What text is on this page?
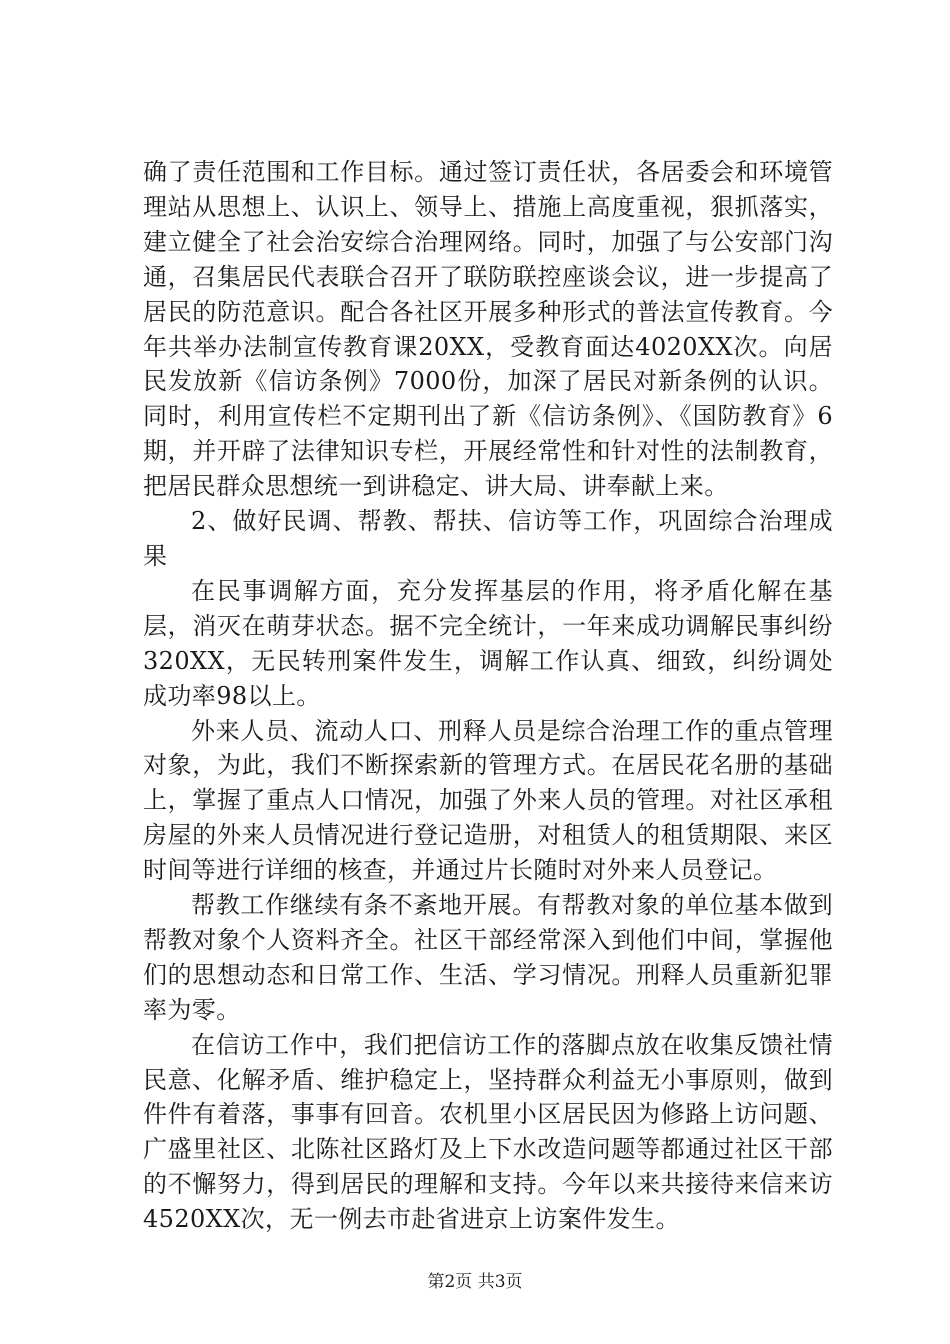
确了责任范围和工作目标。通过签订责任状，各居委会和环境管理站从思想上、认识上、领导上、措施上高度重视，狠抓落实，建立健全了社会治安综合治理网络。同时，加强了与公安部门沟通，召集居民代表联合召开了联防联控座谈会议，进一步提高了居民的防范意识。配合各社区开展多种形式的普法宣传教育。今年共举办法制宣传教育课20XX，受教育面达4020XX次。向居民发放新《信访条例》7000份，加深了居民对新条例的认识。同时，利用宣传栏不定期刊出了新《信访条例》、《国防教育》6期，并开辟了法律知识专栏，开展经常性和针对性的法制教育，把居民群众思想统一到讲稳定、讲大局、讲奉献上来。

2、做好民调、帮教、帮扶、信访等工作，巩固综合治理成果

在民事调解方面，充分发挥基层的作用，将矛盾化解在基层，消灭在萌芽状态。据不完全统计，一年来成功调解民事纠纷320XX，无民转刑案件发生，调解工作认真、细致，纠纷调处成功率98以上。

外来人员、流动人口、刑释人员是综合治理工作的重点管理对象，为此，我们不断探索新的管理方式。在居民花名册的基础上，掌握了重点人口情况，加强了外来人员的管理。对社区承租房屋的外来人员情况进行登记造册，对租赁人的租赁期限、来区时间等进行详细的核查，并通过片长随时对外来人员登记。

帮教工作继续有条不紊地开展。有帮教对象的单位基本做到帮教对象个人资料齐全。社区干部经常深入到他们中间，掌握他们的思想动态和日常工作、生活、学习情况。刑释人员重新犯罪率为零。

在信访工作中，我们把信访工作的落脚点放在收集反馈社情民意、化解矛盾、维护稳定上，坚持群众利益无小事原则，做到件件有着落，事事有回音。农机里小区居民因为修路上访问题、广盛里社区、北陈社区路灯及上下水改造问题等都通过社区干部的不懈努力，得到居民的理解和支持。今年以来共接待来信来访4520XX次，无一例去市赴省进京上访案件发生。

第2页 共3页
